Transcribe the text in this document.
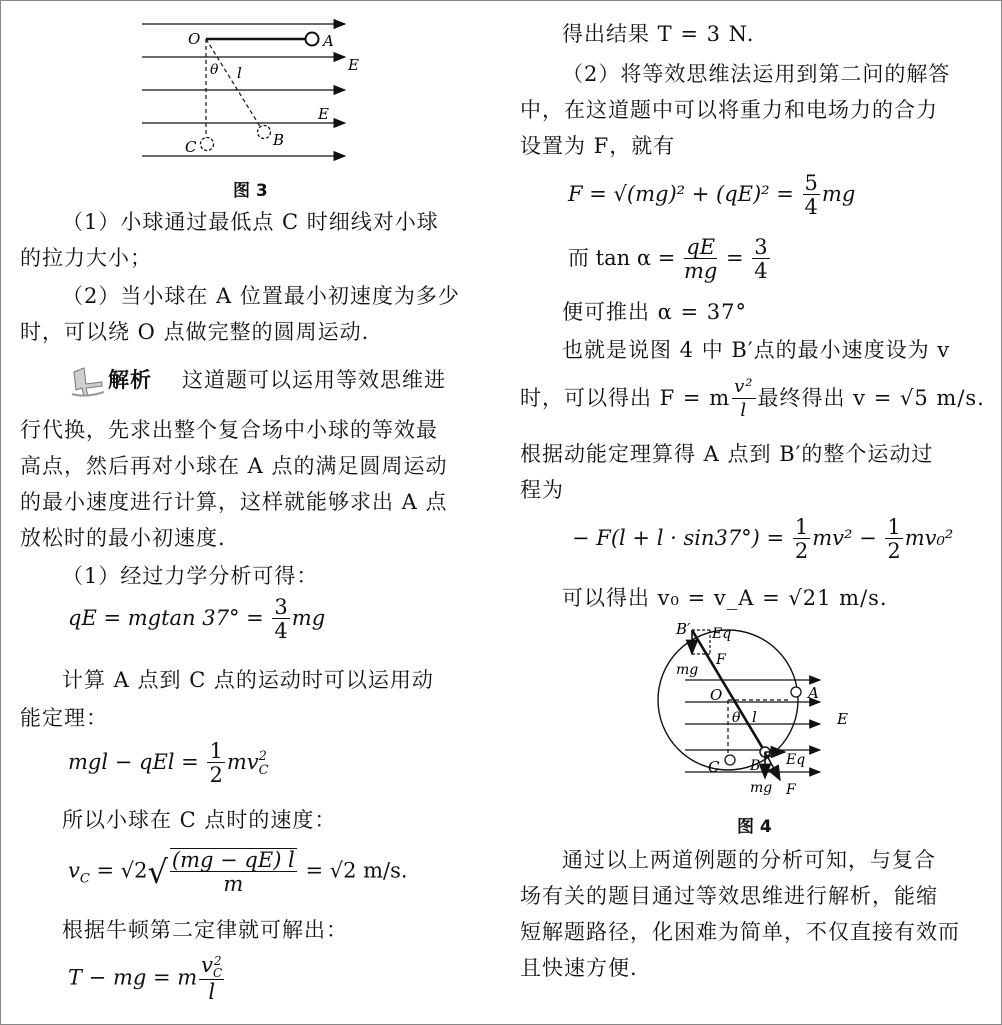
O	A
E
θ l
E
B
C
图 3
（1）小球通过最低点 C 时细线对小球
的拉力大小；
（2）当小球在 A 位置最小初速度为多少
时，可以绕 O 点做完整的圆周运动.
解析 这道题可以运用等效思维进
行代换，先求出整个复合场中小球的等效最
高点，然后再对小球在 A 点的满足圆周运动
的最小速度进行计算，这样就能够求出 A 点
放松时的最小初速度.
（1）经过力学分析可得：
qE = mgtan $37^\circ = \frac{3}{4}$ mg
计算 A 点到 C 点的运动时可以运用动
能定理：
mgl − qEl = $\frac{1}{2}$ mv 2
C
所以小球在 C 点时的速度：
$v_C = √2√ \frac{(mg - qE) l}{m} = √2$ m/s.
根据牛顿第二定律就可解出：
T − mg = m v 2
C
l
得出结果 T = 3 N.
（2）将等效思维法运用到第二问的解答
中，在这道题中可以将重力和电场力的合力
设置为 F，就有
$F = √(mg)^2 + (qE)^2 = \frac{5}{4}$ mg
而 $\tan \alpha = \frac{qE}{mg} = \frac{3}{4}$
便可推出 α = 37°
也就是说图 4 中 B′点的最小速度设为 v
时，可以得出 F = m $\frac{\text{v²}}{l}$ 最终得出 v = √5 m/s.
根据动能定理算得 A 点到 B′的整个运动过
程为
− $F(l + l \cdot \sin 37^\circ) = \frac{1}{2} mv^2 - \frac{1}{2} mv_0^2$
可以得出 v₀ = v_A = √21 m/s.
B′ Eq
mg
F
O	A
E
θ l
C B Eq
mg F
图 4
通过以上两道例题的分析可知，与复合
场有关的题目通过等效思维进行解析，能缩
短解题路径，化困难为简单，不仅直接有效而
且快速方便.
